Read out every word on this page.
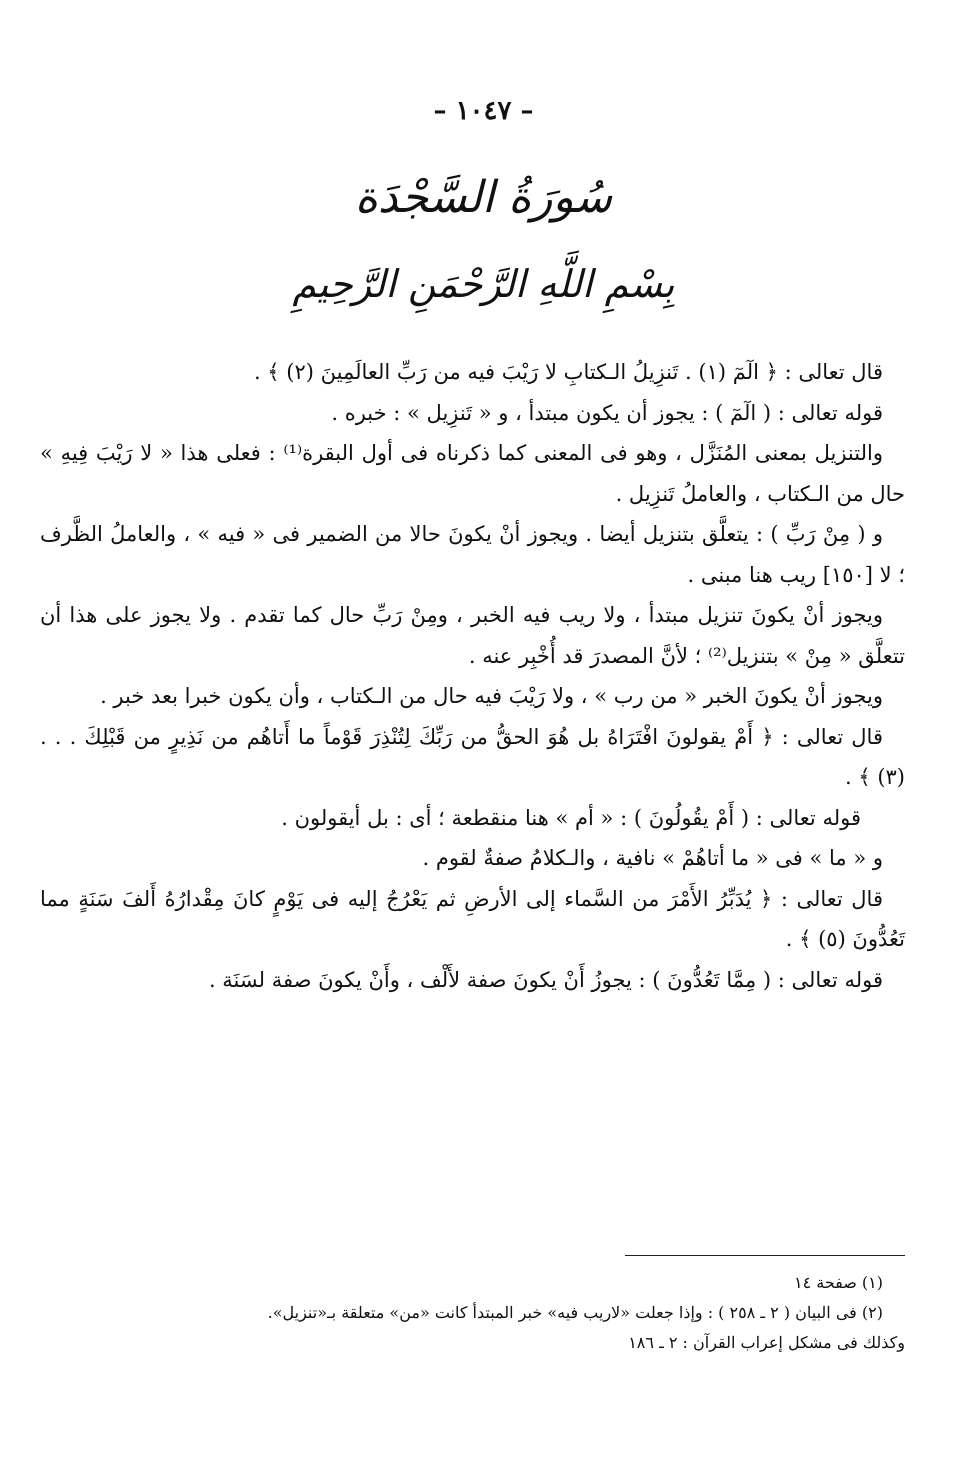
– ١٠٤٧ –
سُورَةُ السَّجْدَة
بِسْمِ اللَّهِ الرَّحْمَنِ الرَّحِيمِ

قال تعالى : ﴿ الٓمٓ (١) . تَنزِيلُ الـكتابِ لا رَيْبَ فيه من رَبِّ العالَمِينَ (٢) ﴾ .

قوله تعالى : ( الٓمٓ ) : يجوز أن يكون مبتدأ ، و « تَنزِيل » : خبره .

والتنزيل بمعنى المُنَزَّل ، وهو فى المعنى كما ذكرناه فى أول البقرة⁽¹⁾ : فعلى هذا « لا رَيْبَ فِيهِ » حال من الـكتاب ، والعاملُ تَنزِيل .

و ( مِنْ رَبِّ ) : يتعلَّق بتنزيل أيضا . ويجوز أنْ يكونَ حالا من الضمير فى « فيه » ، والعاملُ الظَّرف ؛ لا [١٥٠] ريب هنا مبنى .

ويجوز أنْ يكونَ تنزيل مبتدأ ، ولا ريب فيه الخبر ، ومِنْ رَبِّ حال كما تقدم . ولا يجوز على هذا أن تتعلَّق « مِنْ » بتنزيل⁽²⁾ ؛ لأنَّ المصدرَ قد أُخْبِر عنه .

ويجوز أنْ يكونَ الخبر « من رب » ، ولا رَيْبَ فيه حال من الـكتاب ، وأن يكون خبرا بعد خبر .

قال تعالى : ﴿ أَمْ يقولونَ افْتَرَاهُ بل هُوَ الحقُّ من رَبِّكَ لِتُنْذِرَ قَوْماً ما أَتاهُم من نَذِيرٍ من قَبْلِكَ . . . (٣) ﴾ .

قوله تعالى : ( أَمْ يقُولُونَ ) : « أم » هنا منقطعة ؛ أى : بل أيقولون .

و « ما » فى « ما أتاهُمْ » نافية ، والـكلامُ صفةٌ لقوم .

قال تعالى : ﴿ يُدَبِّرُ الأَمْرَ من السَّماء إلى الأرضِ ثم يَعْرُجُ إليه فى يَوْمٍ كانَ مِقْدارُهُ أَلفَ سَنَةٍ مما تَعُدُّونَ (٥) ﴾ .

قوله تعالى : ( مِمَّا تَعُدُّونَ ) : يجوزُ أَنْ يكونَ صفة لأَلْف ، وأَنْ يكونَ صفة لسَنَة .

(١) صفحة ١٤

(٢) فى البيان ( ٢ ـ ٢٥٨ ) : وإذا جعلت «لاريب فيه» خبر المبتدأ كانت «من» متعلقة بـ«تنزيل».

وكذلك فى مشكل إعراب القرآن : ٢ ـ ١٨٦
